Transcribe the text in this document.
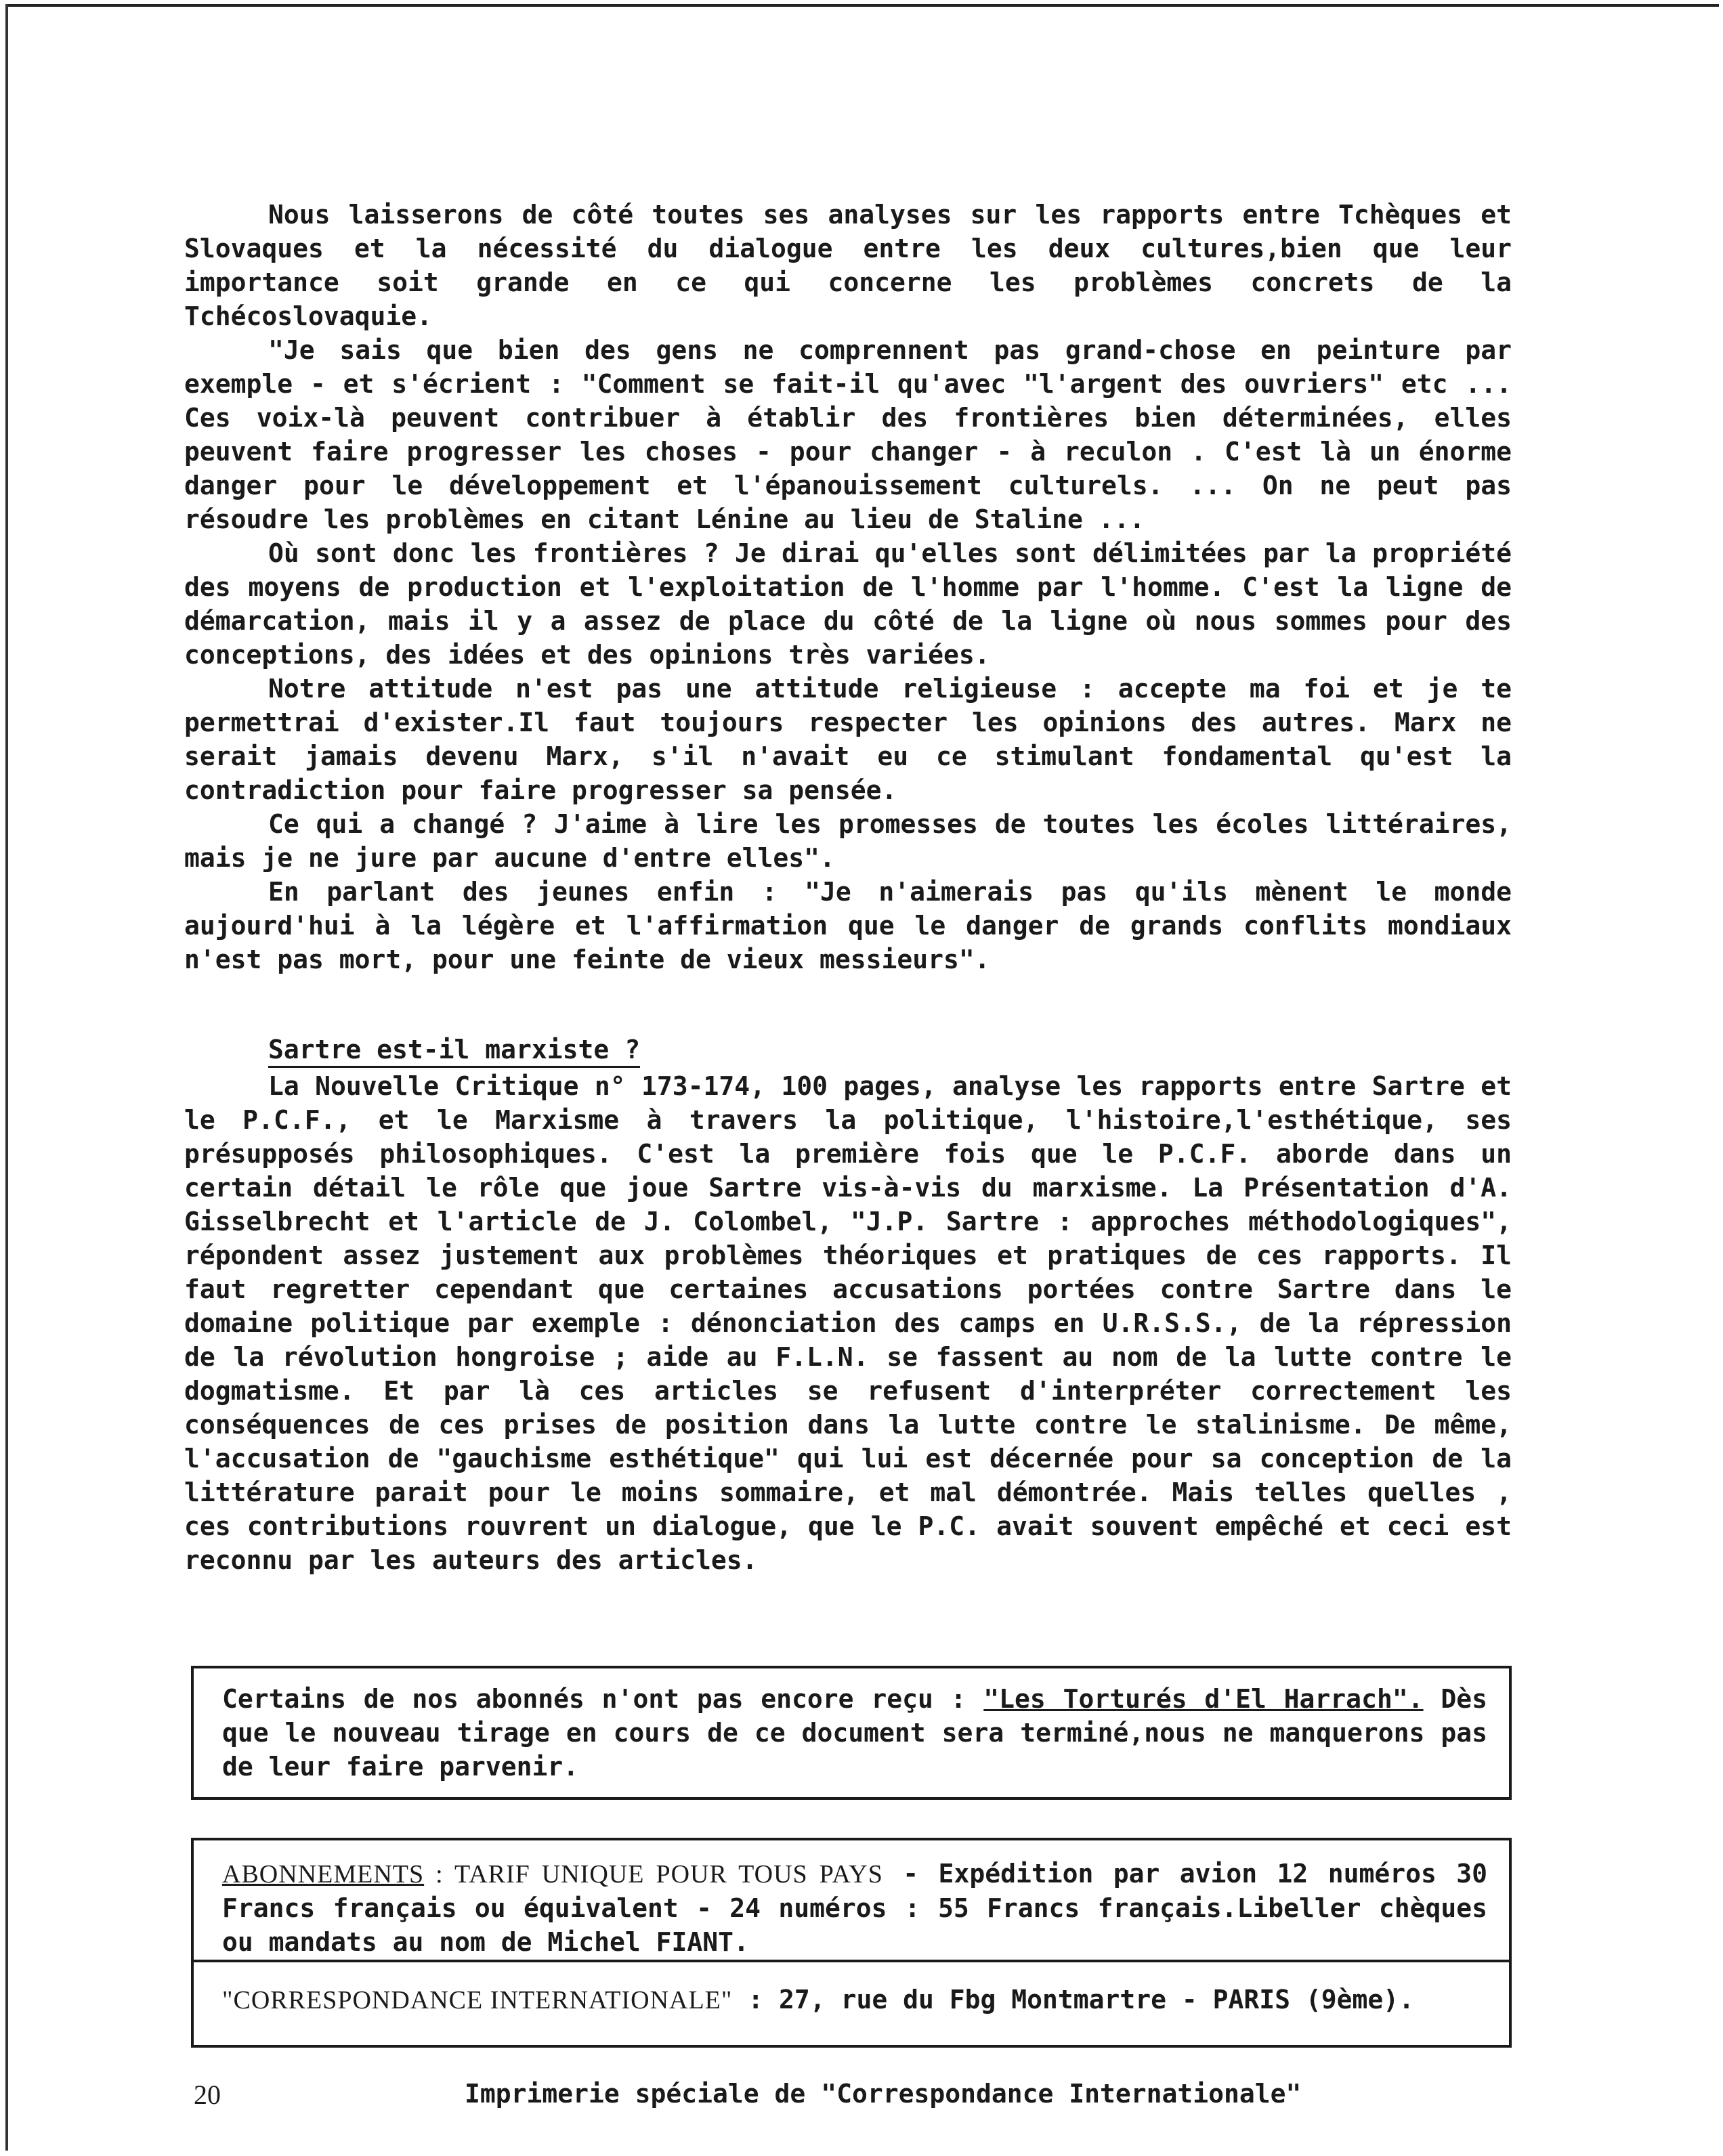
Nous laisserons de côté toutes ses analyses sur les rapports entre Tchèques et Slovaques et la nécessité du dialogue entre les deux cultures,bien que leur importance soit grande en ce qui concerne les problèmes concrets de la Tchécoslovaquie.

"Je sais que bien des gens ne comprennent pas grand-chose en peinture par exemple - et s'écrient : "Comment se fait-il qu'avec "l'argent des ouvriers" etc ... Ces voix-là peuvent contribuer à établir des frontières bien déterminées, elles peuvent faire progresser les choses - pour changer - à reculon . C'est là un énorme danger pour le développement et l'épanouissement culturels. ... On ne peut pas résoudre les problèmes en citant Lénine au lieu de Staline ...

Où sont donc les frontières ? Je dirai qu'elles sont délimitées par la propriété des moyens de production et l'exploitation de l'homme par l'homme. C'est la ligne de démarcation, mais il y a assez de place du côté de la ligne où nous sommes pour des conceptions, des idées et des opinions très variées.

Notre attitude n'est pas une attitude religieuse : accepte ma foi et je te permettrai d'exister.Il faut toujours respecter les opinions des autres. Marx ne serait jamais devenu Marx, s'il n'avait eu ce stimulant fondamental qu'est la contradiction pour faire progresser sa pensée.

Ce qui a changé ? J'aime à lire les promesses de toutes les écoles littéraires, mais je ne jure par aucune d'entre elles".

En parlant des jeunes enfin : "Je n'aimerais pas qu'ils mènent le monde aujourd'hui à la légère et l'affirmation que le danger de grands conflits mondiaux n'est pas mort, pour une feinte de vieux messieurs".

Sartre est-il marxiste ?

La Nouvelle Critique n° 173-174, 100 pages, analyse les rapports entre Sartre et le P.C.F., et le Marxisme à travers la politique, l'histoire,l'esthétique, ses présupposés philosophiques. C'est la première fois que le P.C.F. aborde dans un certain détail le rôle que joue Sartre vis-à-vis du marxisme. La Présentation d'A. Gisselbrecht et l'article de J. Colombel, "J.P. Sartre : approches méthodologiques", répondent assez justement aux problèmes théoriques et pratiques de ces rapports. Il faut regretter cependant que certaines accusations portées contre Sartre dans le domaine politique par exemple : dénonciation des camps en U.R.S.S., de la répression de la révolution hongroise ; aide au F.L.N. se fassent au nom de la lutte contre le dogmatisme. Et par là ces articles se refusent d'interpréter correctement les conséquences de ces prises de position dans la lutte contre le stalinisme. De même, l'accusation de "gauchisme esthétique" qui lui est décernée pour sa conception de la littérature parait pour le moins sommaire, et mal démontrée. Mais telles quelles , ces contributions rouvrent un dialogue, que le P.C. avait souvent empêché et ceci est reconnu par les auteurs des articles.

Certains de nos abonnés n'ont pas encore reçu : "Les Torturés d'El Harrach". Dès que le nouveau tirage en cours de ce document sera terminé,nous ne manquerons pas de leur faire parvenir.
ABONNEMENTS : TARIF UNIQUE POUR TOUS PAYS - Expédition par avion 12 numéros 30 Francs français ou équivalent - 24 numéros : 55 Francs français.Libeller chèques ou mandats au nom de Michel FIANT.
"CORRESPONDANCE INTERNATIONALE" : 27, rue du Fbg Montmartre - PARIS (9ème).
20	Imprimerie spéciale de "Correspondance Internationale"
